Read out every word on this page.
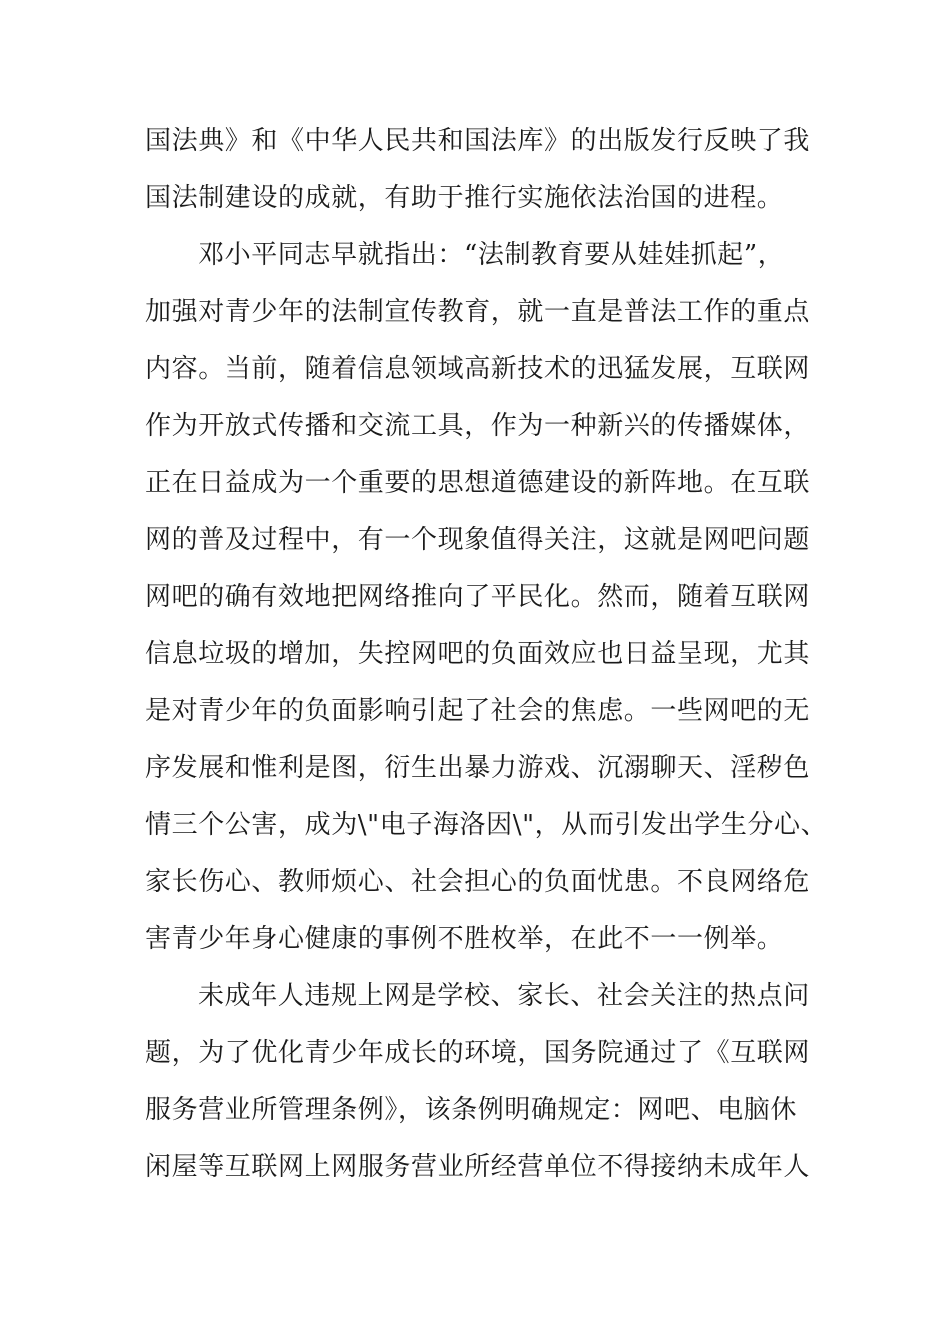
国法典》和《中华人民共和国法库》的出版发行反映了我
国法制建设的成就，有助于推行实施依法治国的进程。
邓小平同志早就指出：“法制教育要从娃娃抓起”，
加强对青少年的法制宣传教育，就一直是普法工作的重点
内容。当前，随着信息领域高新技术的迅猛发展，互联网
作为开放式传播和交流工具，作为一种新兴的传播媒体，
正在日益成为一个重要的思想道德建设的新阵地。在互联
网的普及过程中，有一个现象值得关注，这就是网吧问题
网吧的确有效地把网络推向了平民化。然而，随着互联网
信息垃圾的增加，失控网吧的负面效应也日益呈现，尤其
是对青少年的负面影响引起了社会的焦虑。一些网吧的无
序发展和惟利是图，衍生出暴力游戏、沉溺聊天、淫秽色
情三个公害，成为\"电子海洛因\"，从而引发出学生分心、
家长伤心、教师烦心、社会担心的负面忧患。不良网络危
害青少年身心健康的事例不胜枚举，在此不一一例举。
未成年人违规上网是学校、家长、社会关注的热点问
题，为了优化青少年成长的环境，国务院通过了《互联网
服务营业所管理条例》，该条例明确规定：网吧、电脑休
闲屋等互联网上网服务营业所经营单位不得接纳未成年人
